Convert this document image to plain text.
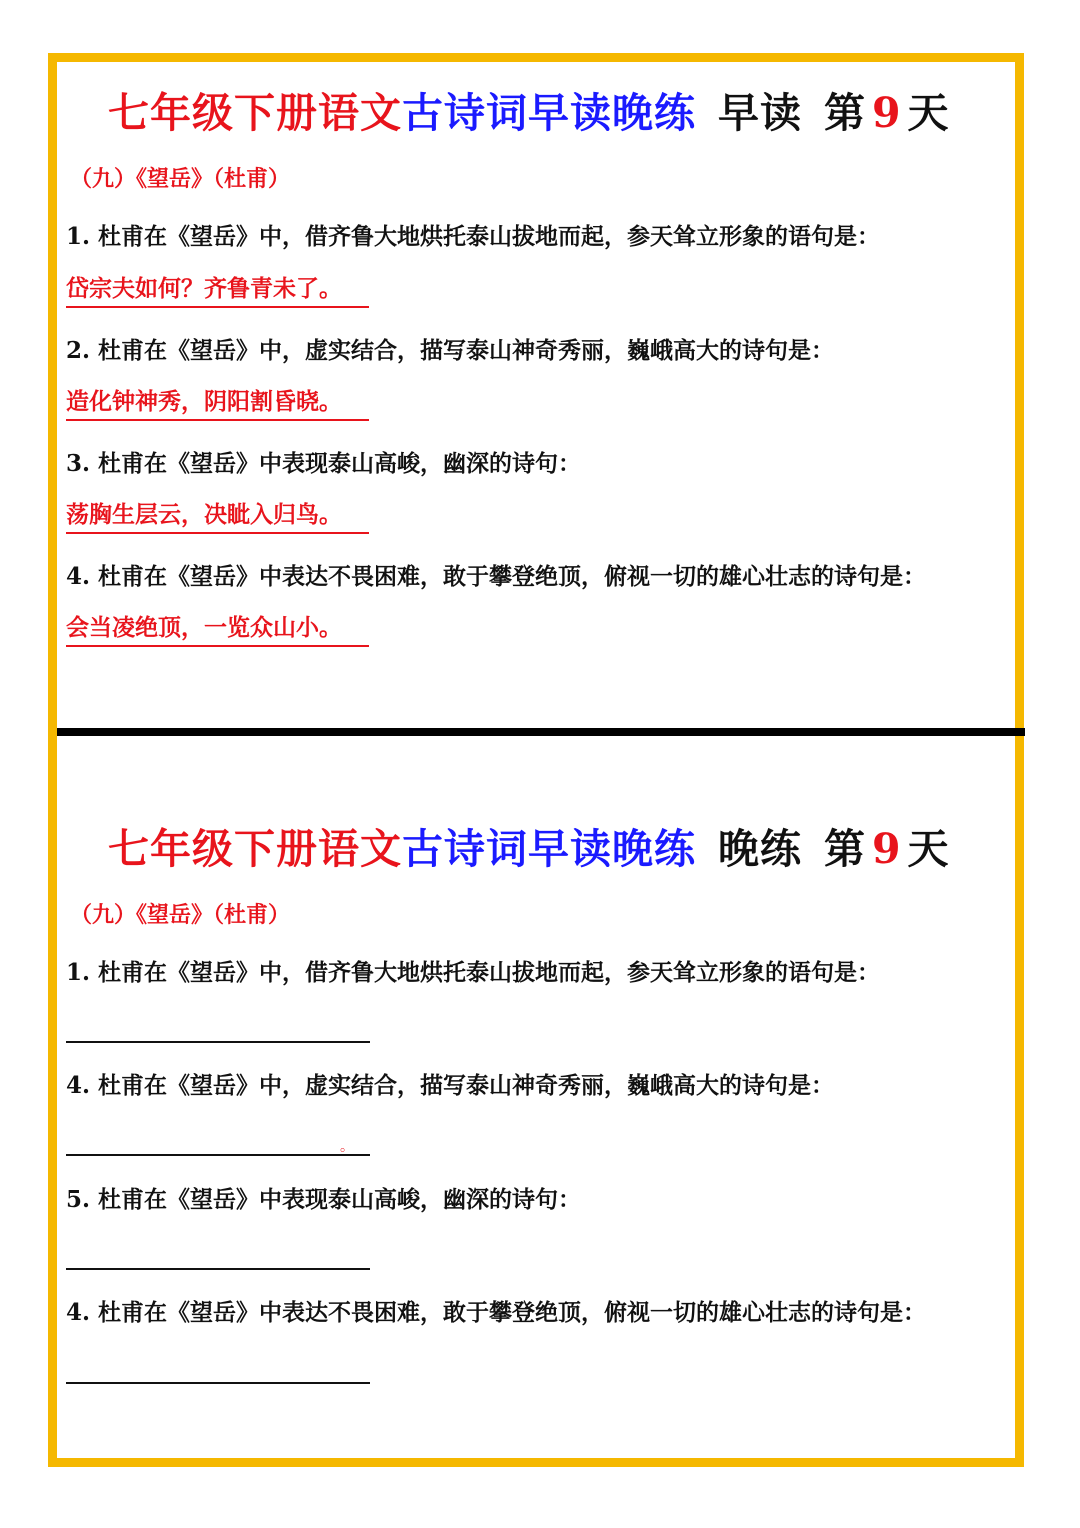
七年级下册语文古诗词早读晚练 早读 第 9 天
（九）《望岳》（杜甫）
1. 杜甫在《望岳》中，借齐鲁大地烘托泰山拔地而起，参天耸立形象的语句是：
岱宗夫如何？齐鲁青未了。
2. 杜甫在《望岳》中，虚实结合，描写泰山神奇秀丽，巍峨高大的诗句是：
造化钟神秀，阴阳割昏晓。
3. 杜甫在《望岳》中表现泰山高峻，幽深的诗句：
荡胸生层云，决眦入归鸟。
4. 杜甫在《望岳》中表达不畏困难，敢于攀登绝顶，俯视一切的雄心壮志的诗句是：
会当凌绝顶，一览众山小。
七年级下册语文古诗词早读晚练 晚练 第 9 天
（九）《望岳》（杜甫）
1. 杜甫在《望岳》中，借齐鲁大地烘托泰山拔地而起，参天耸立形象的语句是：
4. 杜甫在《望岳》中，虚实结合，描写泰山神奇秀丽，巍峨高大的诗句是：
。
5. 杜甫在《望岳》中表现泰山高峻，幽深的诗句：
4. 杜甫在《望岳》中表达不畏困难，敢于攀登绝顶，俯视一切的雄心壮志的诗句是：
